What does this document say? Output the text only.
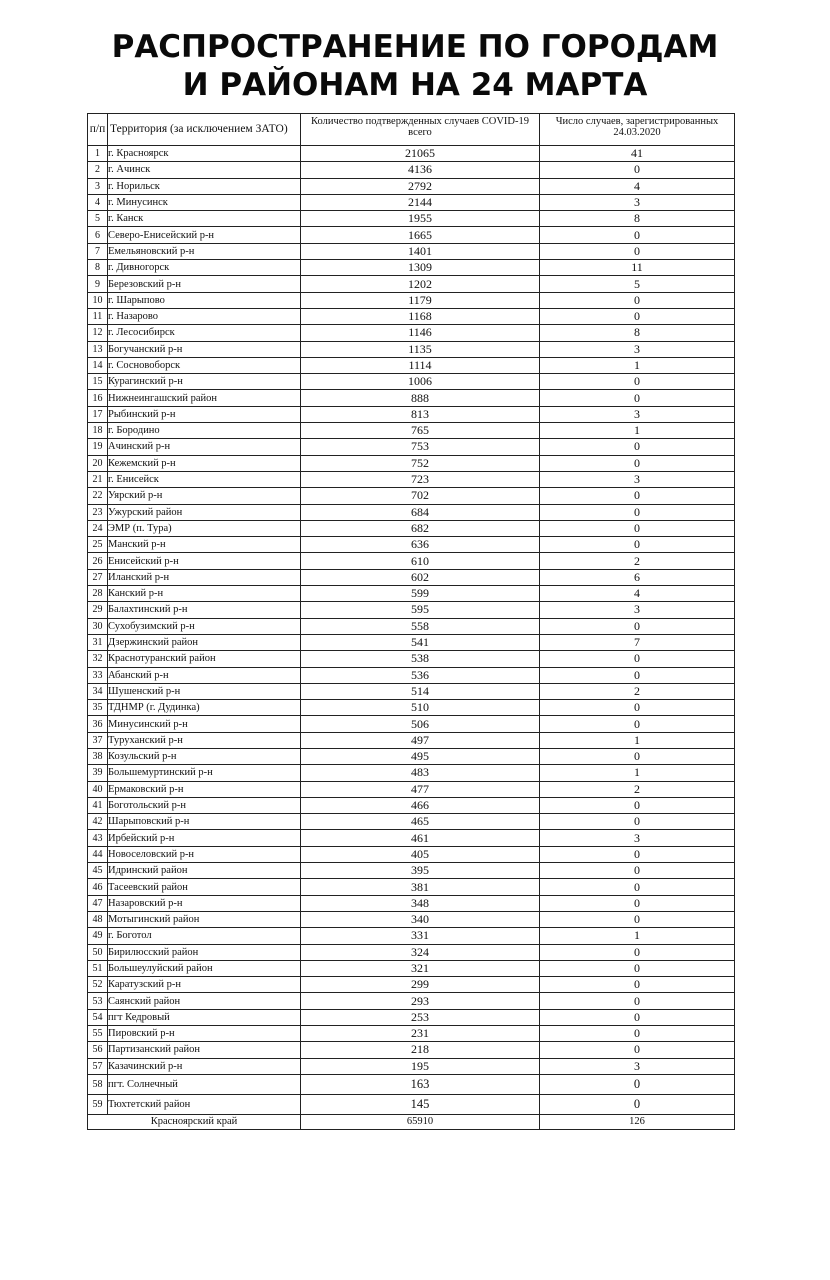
РАСПРОСТРАНЕНИЕ ПО ГОРОДАМ
И РАЙОНАМ НА 24 МАРТА
п/п	Территория (за исключением ЗАТО)	Количество подтвержденных случаев COVID-19 всего	Число случаев, зарегистрированных 24.03.2020
1	г. Красноярск	21065	41
2	г. Ачинск	4136	0
3	г. Норильск	2792	4
4	г. Минусинск	2144	3
5	г. Канск	1955	8
6	Северо-Енисейский р-н	1665	0
7	Емельяновский р-н	1401	0
8	г. Дивногорск	1309	11
9	Березовский р-н	1202	5
10	г. Шарыпово	1179	0
11	г. Назарово	1168	0
12	г. Лесосибирск	1146	8
13	Богучанский р-н	1135	3
14	г. Сосновоборск	1114	1
15	Курагинский р-н	1006	0
16	Нижнеингашский район	888	0
17	Рыбинский р-н	813	3
18	г. Бородино	765	1
19	Ачинский р-н	753	0
20	Кежемский р-н	752	0
21	г. Енисейск	723	3
22	Уярский р-н	702	0
23	Ужурский район	684	0
24	ЭМР (п. Тура)	682	0
25	Манский р-н	636	0
26	Енисейский р-н	610	2
27	Иланский р-н	602	6
28	Канский р-н	599	4
29	Балахтинский р-н	595	3
30	Сухобузимский р-н	558	0
31	Дзержинский район	541	7
32	Краснотуранский район	538	0
33	Абанский р-н	536	0
34	Шушенский р-н	514	2
35	ТДНМР (г. Дудинка)	510	0
36	Минусинский р-н	506	0
37	Туруханский р-н	497	1
38	Козульский р-н	495	0
39	Большемуртинский р-н	483	1
40	Ермаковский р-н	477	2
41	Боготольский р-н	466	0
42	Шарыповский р-н	465	0
43	Ирбейский р-н	461	3
44	Новоселовский р-н	405	0
45	Идринский район	395	0
46	Тасеевский район	381	0
47	Назаровский р-н	348	0
48	Мотыгинский район	340	0
49	г. Боготол	331	1
50	Бирилюсский район	324	0
51	Большеулуйский район	321	0
52	Каратузский р-н	299	0
53	Саянский район	293	0
54	пгт Кедровый	253	0
55	Пировский р-н	231	0
56	Партизанский район	218	0
57	Казачинский р-н	195	3
58	пгт. Солнечный	163	0
59	Тюхтетский район	145	0
Красноярский край		65910	126
